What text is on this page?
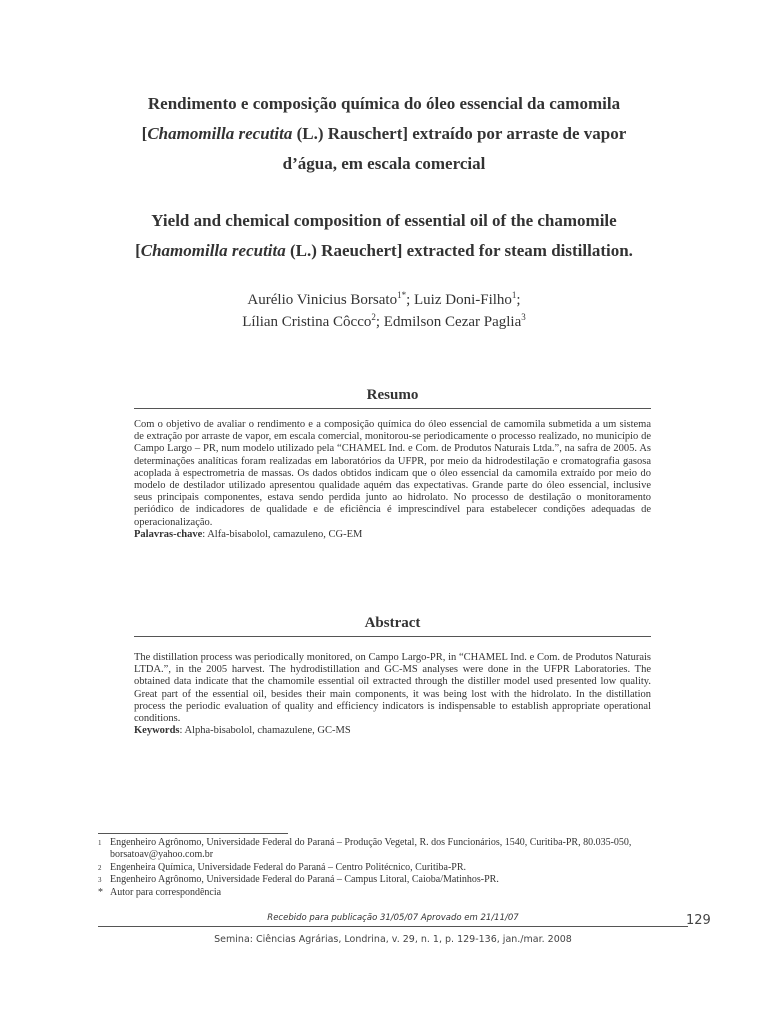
Rendimento e composição química do óleo essencial da camomila
[Chamomilla recutita (L.) Rauschert] extraído por arraste de vapor
d’água, em escala comercial
Yield and chemical composition of essential oil of the chamomile
[Chamomilla recutita (L.) Raeuchert] extracted for steam distillation.
Aurélio Vinicius Borsato$^{1*}$; Luiz Doni-Filho$^1$;
Lílian Cristina Côcco$^2$; Edmilson Cezar Paglia$^3$
Resumo
Com o objetivo de avaliar o rendimento e a composição química do óleo essencial de camomila submetida a um sistema de extração por arraste de vapor, em escala comercial, monitorou-se periodicamente o processo realizado, no município de Campo Largo – PR, num modelo utilizado pela “CHAMEL Ind. e Com. de Produtos Naturais Ltda.”, na safra de 2005. As determinações analíticas foram realizadas em laboratórios da UFPR, por meio da hidrodestilação e cromatografia gasosa acoplada à espectrometria de massas. Os dados obtidos indicam que o óleo essencial da camomila extraído por meio do modelo de destilador utilizado apresentou qualidade aquém das expectativas. Grande parte do óleo essencial, inclusive seus principais componentes, estava sendo perdida junto ao hidrolato. No processo de destilação o monitoramento periódico de indicadores de qualidade e de eficiência é imprescindível para estabelecer condições adequadas de operacionalização.
Palavras-chave: Alfa-bisabolol, camazuleno, CG-EM
Abstract
The distillation process was periodically monitored, on Campo Largo-PR, in “CHAMEL Ind. e Com. de Produtos Naturais LTDA.”, in the 2005 harvest. The hydrodistillation and GC-MS analyses were done in the UFPR Laboratories. The obtained data indicate that the chamomile essential oil extracted through the distiller model used presented low quality. Great part of the essential oil, besides their main components, it was being lost with the hidrolato. In the distillation process the periodic evaluation of quality and efficiency indicators is indispensable to establish appropriate operational conditions.
Keywords: Alpha-bisabolol, chamazulene, GC-MS
1 Engenheiro Agrônomo, Universidade Federal do Paraná – Produção Vegetal, R. dos Funcionários, 1540, Curitiba-PR, 80.035-050, borsatoav@yahoo.com.br
2 Engenheira Química, Universidade Federal do Paraná – Centro Politécnico, Curitiba-PR.
3 Engenheiro Agrônomo, Universidade Federal do Paraná – Campus Litoral, Caioba/Matinhos-PR.
* Autor para correspondência
Recebido para publicação 31/05/07 Aprovado em 21/11/07	129
Semina: Ciências Agrárias, Londrina, v. 29, n. 1, p. 129-136, jan./mar. 2008
